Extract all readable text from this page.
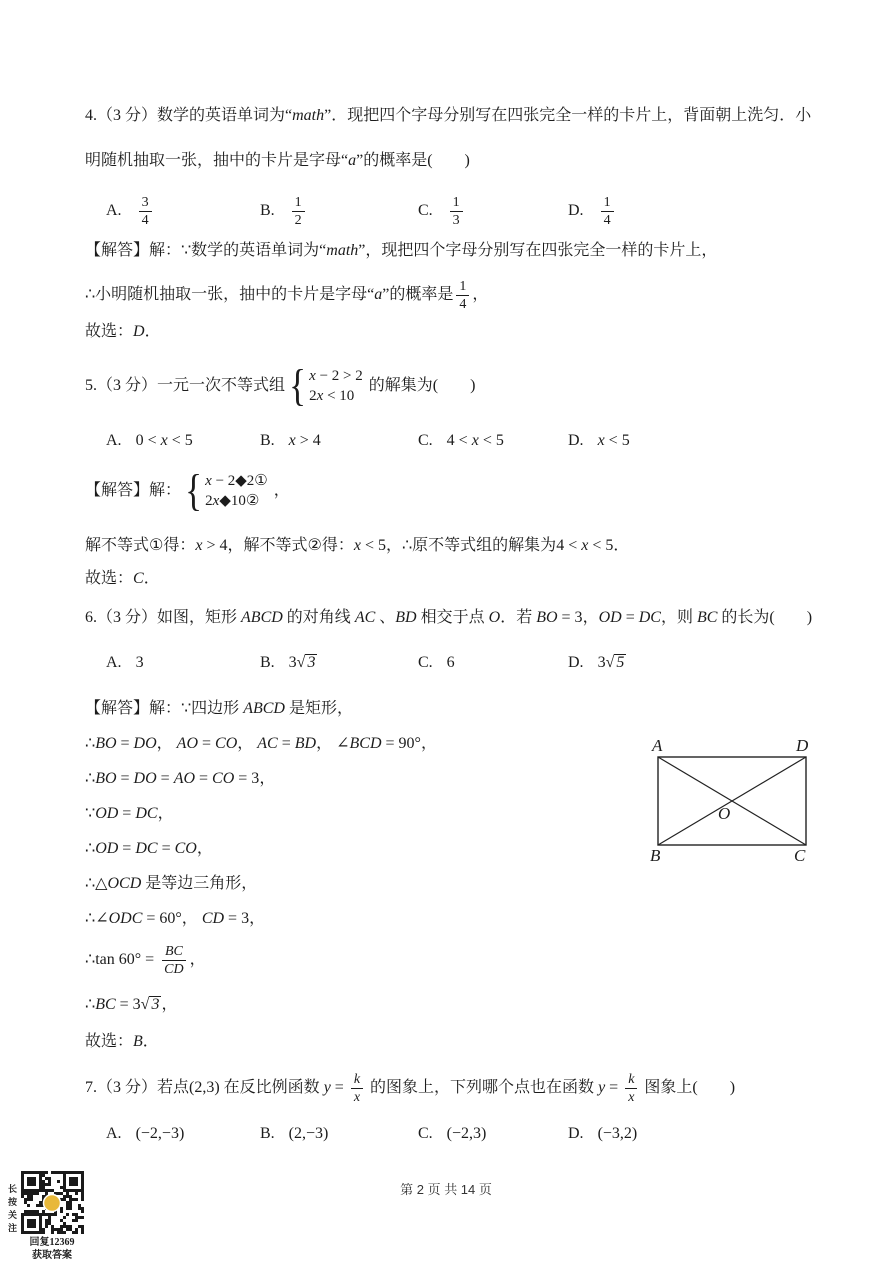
4.（3 分）数学的英语单词为“math”．现把四个字母分别写在四张完全一样的卡片上，背面朝上洗匀．小
明随机抽取一张，抽中的卡片是字母“a”的概率是(　　)

A. $\frac{3}{4}$

	B. $\frac{1}{2}$

	C. $\frac{1}{3}$

	D. $\frac{1}{4}$

【解答】解：∵数学的英语单词为“math”，现把四个字母分别写在四张完全一样的卡片上，
∴小明随机抽取一张，抽中的卡片是字母“a”的概率是 $\frac{1}{4}$ ，
故选：D．
5.（3 分）一元一次不等式组 { x − 2 > 2
2x < 10
的解集为(　　)

A. 0 < x < 5

	B. x > 4

	C. 4 < x < 5

	D. x < 5

【解答】解： { x − 2◆2①
2x◆10②
，
解不等式①得：x > 4，解不等式②得：x < 5，∴原不等式组的解集为4 < x < 5．
故选：C．
6.（3 分）如图，矩形 ABCD 的对角线 AC 、BD 相交于点 O．若 BO = 3，OD = DC，则 BC 的长为(　　)

A. 3

	B. 3√ 3

	C. 6

	D. 3√ 5

【解答】解：∵四边形 ABCD 是矩形，
∴BO = DO， AO = CO， AC = BD， ∠BCD = 90°，
∴BO = DO = AO = CO = 3，
∵OD = DC，
∴OD = DC = CO，
∴△OCD 是等边三角形，
∴∠ODC = 60°， CD = 3，
∴tan $60^\circ = \frac{BC}{CD}$ ，
∴BC = 3√ 3 ，
故选：B．
A	D
B	C
O
7.（3 分）若点(2,3) 在反比例函数 $y = \frac{k}{x}$ 的图象上，下列哪个点也在函数 $y = \frac{k}{x}$ 图象上(　　)

A. (−2,−3)

	B. (2,−3)

	C. (−2,3)

	D. (−3,2)

第 2 页 共 14 页
长按关注
回复12369
获取答案
